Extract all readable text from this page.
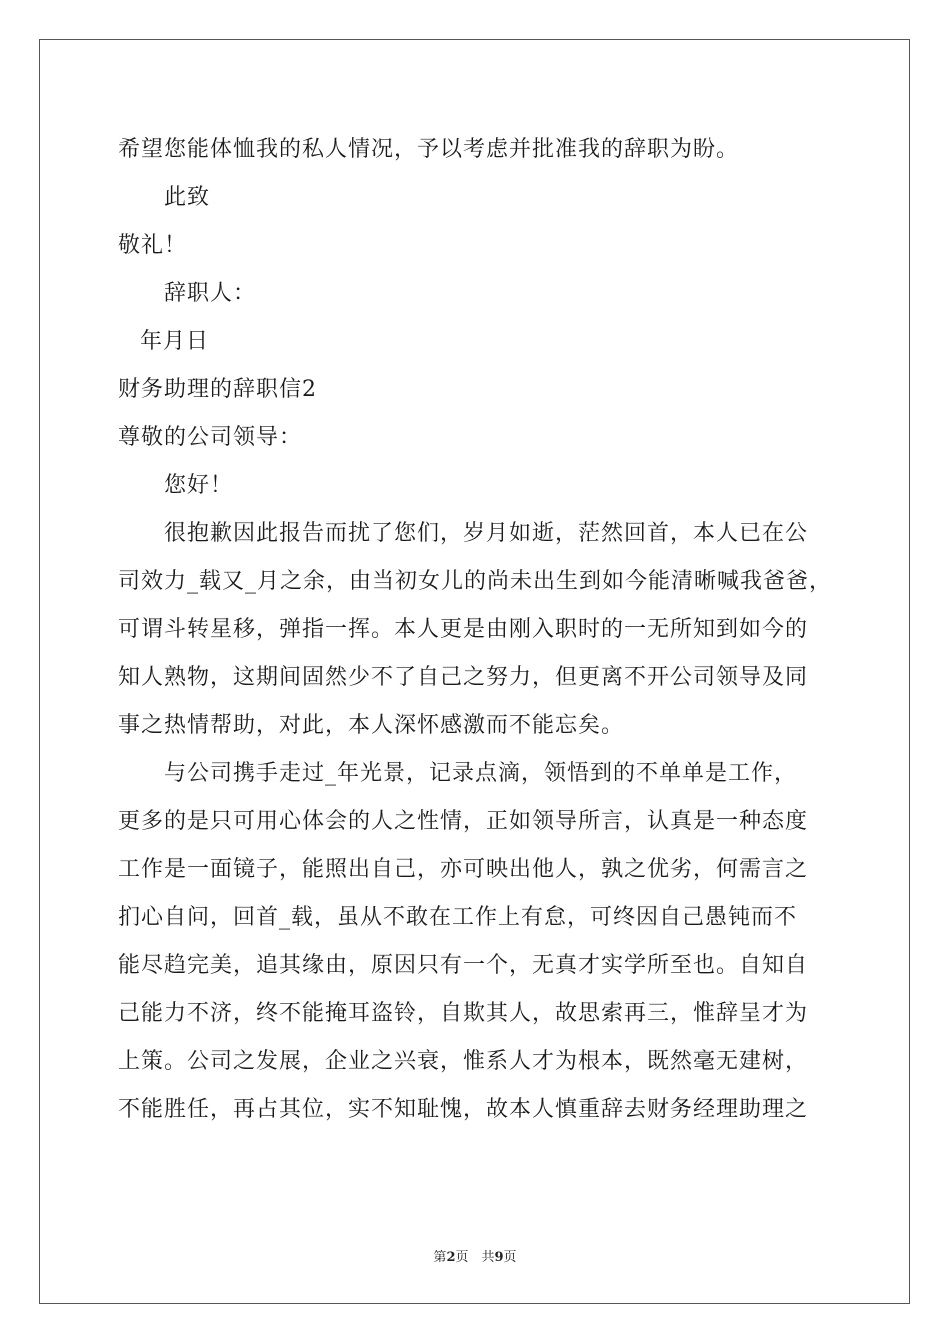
希望您能体恤我的私人情况，予以考虑并批准我的辞职为盼。
此致
敬礼！
辞职人：
年月日
财务助理的辞职信2
尊敬的公司领导：
您好！
很抱歉因此报告而扰了您们，岁月如逝，茫然回首，本人已在公
司效力_载又_月之余，由当初女儿的尚未出生到如今能清晰喊我爸爸，
可谓斗转星移，弹指一挥。本人更是由刚入职时的一无所知到如今的
知人熟物，这期间固然少不了自己之努力，但更离不开公司领导及同
事之热情帮助，对此，本人深怀感激而不能忘矣。
与公司携手走过_年光景，记录点滴，领悟到的不单单是工作，
更多的是只可用心体会的人之性情，正如领导所言，认真是一种态度
工作是一面镜子，能照出自己，亦可映出他人，孰之优劣，何需言之
扪心自问，回首_载，虽从不敢在工作上有怠，可终因自己愚钝而不
能尽趋完美，追其缘由，原因只有一个，无真才实学所至也。自知自
己能力不济，终不能掩耳盗铃，自欺其人，故思索再三，惟辞呈才为
上策。公司之发展，企业之兴衰，惟系人才为根本，既然毫无建树，
不能胜任，再占其位，实不知耻愧，故本人慎重辞去财务经理助理之
第2页　共9页
